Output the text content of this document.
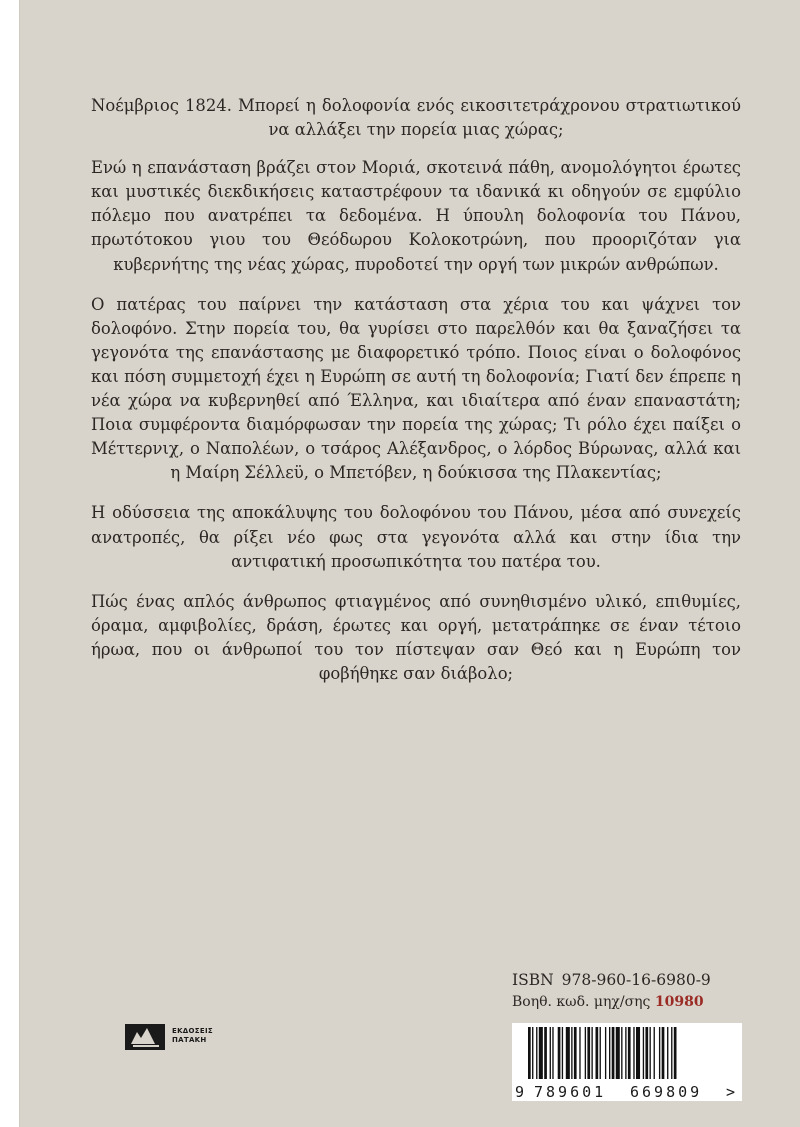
Νοέμβριος 1824. Μπορεί η δολοφονία ενός εικοσιτετράχρονου στρατιωτικού να αλλάξει την πορεία μιας χώρας;

Ενώ η επανάσταση βράζει στον Μοριά, σκοτεινά πάθη, ανομολόγητοι έρωτες και μυστικές διεκδικήσεις καταστρέφουν τα ιδανικά κι οδηγούν σε εμφύλιο πόλεμο που ανατρέπει τα δεδομένα. Η ύπουλη δολοφονία του Πάνου, πρωτότοκου γιου του Θεόδωρου Κολοκοτρώνη, που προοριζόταν για κυβερνήτης της νέας χώρας, πυροδοτεί την οργή των μικρών ανθρώπων.

Ο πατέρας του παίρνει την κατάσταση στα χέρια του και ψάχνει τον δολοφόνο. Στην πορεία του, θα γυρίσει στο παρελθόν και θα ξαναζήσει τα γεγονότα της επανάστασης με διαφορετικό τρόπο. Ποιος είναι ο δολοφόνος και πόση συμμετοχή έχει η Ευρώπη σε αυτή τη δολοφονία; Γιατί δεν έπρεπε η νέα χώρα να κυβερνηθεί από Έλληνα, και ιδιαίτερα από έναν επαναστάτη; Ποια συμφέροντα διαμόρφωσαν την πορεία της χώρας; Τι ρόλο έχει παίξει ο Μέττερνιχ, ο Ναπολέων, ο τσάρος Αλέξανδρος, ο λόρδος Βύρωνας, αλλά και η Μαίρη Σέλλεϋ, ο Μπετόβεν, η δούκισσα της Πλακεντίας;

Η οδύσσεια της αποκάλυψης του δολοφόνου του Πάνου, μέσα από συνεχείς ανατροπές, θα ρίξει νέο φως στα γεγονότα αλλά και στην ίδια την αντιφατική προσωπικότητα του πατέρα του.

Πώς ένας απλός άνθρωπος φτιαγμένος από συνηθισμένο υλικό, επιθυμίες, όραμα, αμφιβολίες, δράση, έρωτες και οργή, μετατράπηκε σε έναν τέτοιο ήρωα, που οι άνθρωποί του τον πίστεψαν σαν Θεό και η Ευρώπη τον φοβήθηκε σαν διάβολο;

ISBN 978-960-16-6980-9
Βοηθ. κωδ. μηχ/σης 10980
9 789601 669809 >
ΕΚΔΟΣΕΙΣ
ΠΑΤΑΚΗ
